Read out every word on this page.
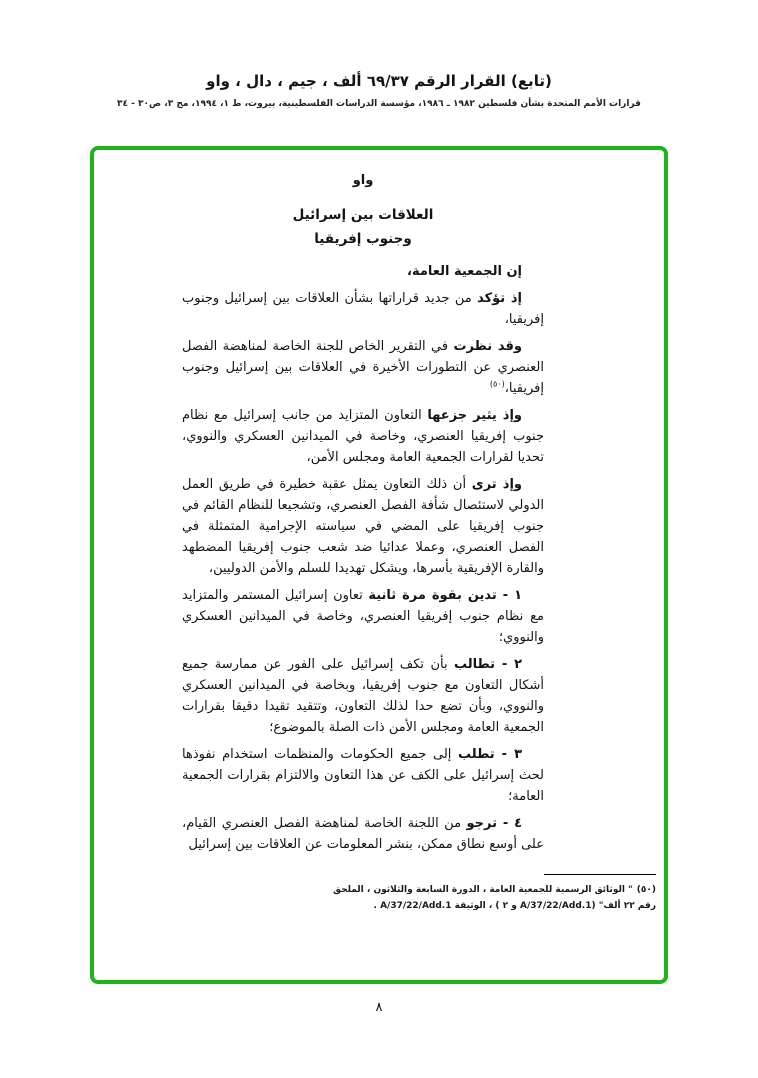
(تابع) القرار الرقم ٦٩/٣٧ ألف ، جيم ، دال ، واو
قرارات الأمم المتحدة بشأن فلسطين ١٩٨٢ ـ ١٩٨٦، مؤسسة الدراسات الفلسطينية، بيروت، ط ١، ١٩٩٤، مج ٣، ص٣٠ - ٣٤
واو
العلاقات بين إسرائيل
وجنوب إفريقيا

إن الجمعية العامة،

إذ تؤكد من جديد قراراتها بشأن العلاقات بين إسرائيل وجنوب إفريقيا،

وقد نظرت في التقرير الخاص للجنة الخاصة لمناهضة الفصل العنصري عن التطورات الأخيرة في العلاقات بين إسرائيل وجنوب إفريقيا،$^{(٥٠)}$

وإذ يثير جزعها التعاون المتزايد من جانب إسرائيل مع نظام جنوب إفريقيا العنصري، وخاصة في الميدانين العسكري والنووي، تحديا لقرارات الجمعية العامة ومجلس الأمن،

وإذ ترى أن ذلك التعاون يمثل عقبة خطيرة في طريق العمل الدولي لاستئصال شأفة الفصل العنصري، وتشجيعا للنظام القائم في جنوب إفريقيا على المضي في سياسته الإجرامية المتمثلة في الفصل العنصري، وعملا عدائيا ضد شعب جنوب إفريقيا المضطهد والقارة الإفريقية بأسرها، ويشكل تهديدا للسلم والأمن الدوليين،

١ - تدين بقوة مرة ثانية تعاون إسرائيل المستمر والمتزايد مع نظام جنوب إفريقيا العنصري، وخاصة في الميدانين العسكري والنووي؛

٢ - تطالب بأن تكف إسرائيل على الفور عن ممارسة جميع أشكال التعاون مع جنوب إفريقيا، وبخاصة في الميدانين العسكري والنووي، وبأن تضع حدا لذلك التعاون، وتتقيد تقيدا دقيقا بقرارات الجمعية العامة ومجلس الأمن ذات الصلة بالموضوع؛

٣ - تطلب إلى جميع الحكومات والمنظمات استخدام نفوذها لحث إسرائيل على الكف عن هذا التعاون والالتزام بقرارات الجمعية العامة؛

٤ - ترجو من اللجنة الخاصة لمناهضة الفصل العنصري القيام، على أوسع نطاق ممكن، بنشر المعلومات عن العلاقات بين إسرائيل

(٥٠)" الوثائق الرسمية للجمعية العامة ، الدورة السابعة والثلاثون ، الملحق
رقم ٢٢ ألف" (A/37/22/Add.1 و ٢ ) ، الوثيقة A/37/22/Add.1 .
٨
